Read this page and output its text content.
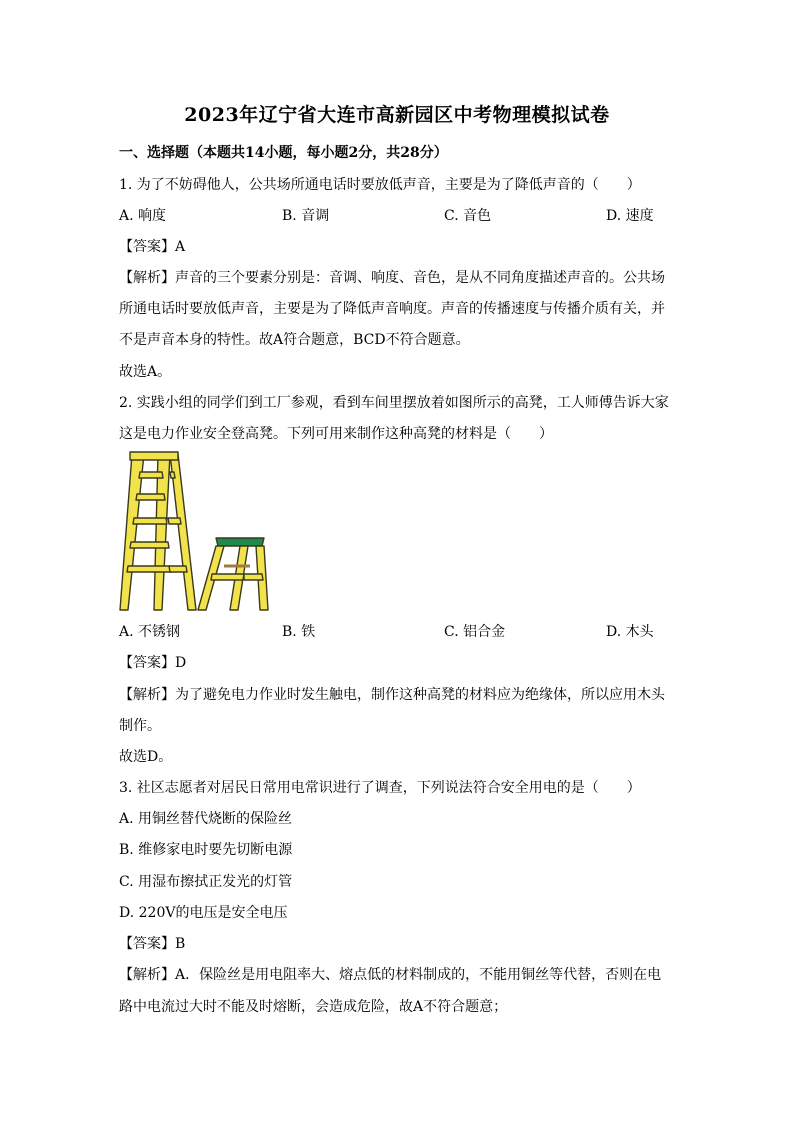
2023年辽宁省大连市高新园区中考物理模拟试卷
一、选择题（本题共14小题，每小题2分，共28分）
1. 为了不妨碍他人，公共场所通电话时要放低声音，主要是为了降低声音的（　　）
A. 响度	B. 音调	C. 音色	D. 速度
【答案】A
【解析】声音的三个要素分别是：音调、响度、音色，是从不同角度描述声音的。公共场
所通电话时要放低声音，主要是为了降低声音响度。声音的传播速度与传播介质有关，并
不是声音本身的特性。故A符合题意，BCD不符合题意。
故选A。
2. 实践小组的同学们到工厂参观，看到车间里摆放着如图所示的高凳，工人师傅告诉大家
这是电力作业安全登高凳。下列可用来制作这种高凳的材料是（　　）
A. 不锈钢	B. 铁	C. 铝合金	D. 木头
【答案】D
【解析】为了避免电力作业时发生触电，制作这种高凳的材料应为绝缘体，所以应用木头
制作。
故选D。
3. 社区志愿者对居民日常用电常识进行了调查，下列说法符合安全用电的是（　　）
A. 用铜丝替代烧断的保险丝
B. 维修家电时要先切断电源
C. 用湿布擦拭正发光的灯管
D. 220V的电压是安全电压
【答案】B
【解析】A．保险丝是用电阻率大、熔点低的材料制成的，不能用铜丝等代替，否则在电
路中电流过大时不能及时熔断，会造成危险，故A不符合题意；
